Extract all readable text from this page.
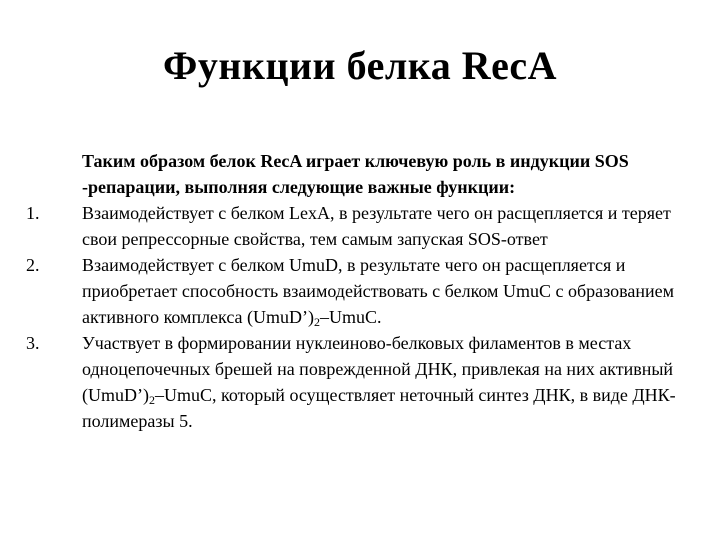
Функции белка RecA

Таким образом белок RecA играет ключевую роль в индукции SOS -репарации, выполняя следующие важные функции:

1.	Взаимодействует с белком LexA, в результате чего он расщепляется и теряет свои репрессорные свойства, тем самым запуская SOS-ответ
2.	Взаимодействует с белком UmuD, в результате чего он расщепляется и приобретает способность взаимодействовать с белком UmuC с образованием активного комплекса $(UmuD’)_2$–UmuC.
3.	Участвует в формировании нуклеиново-белковых филаментов в местах одноцепочечных брешей на поврежденной ДНК, привлекая на них активный $(UmuD’)_2$–UmuC, который осуществляет неточный синтез ДНК, в виде ДНК-полимеразы 5.
